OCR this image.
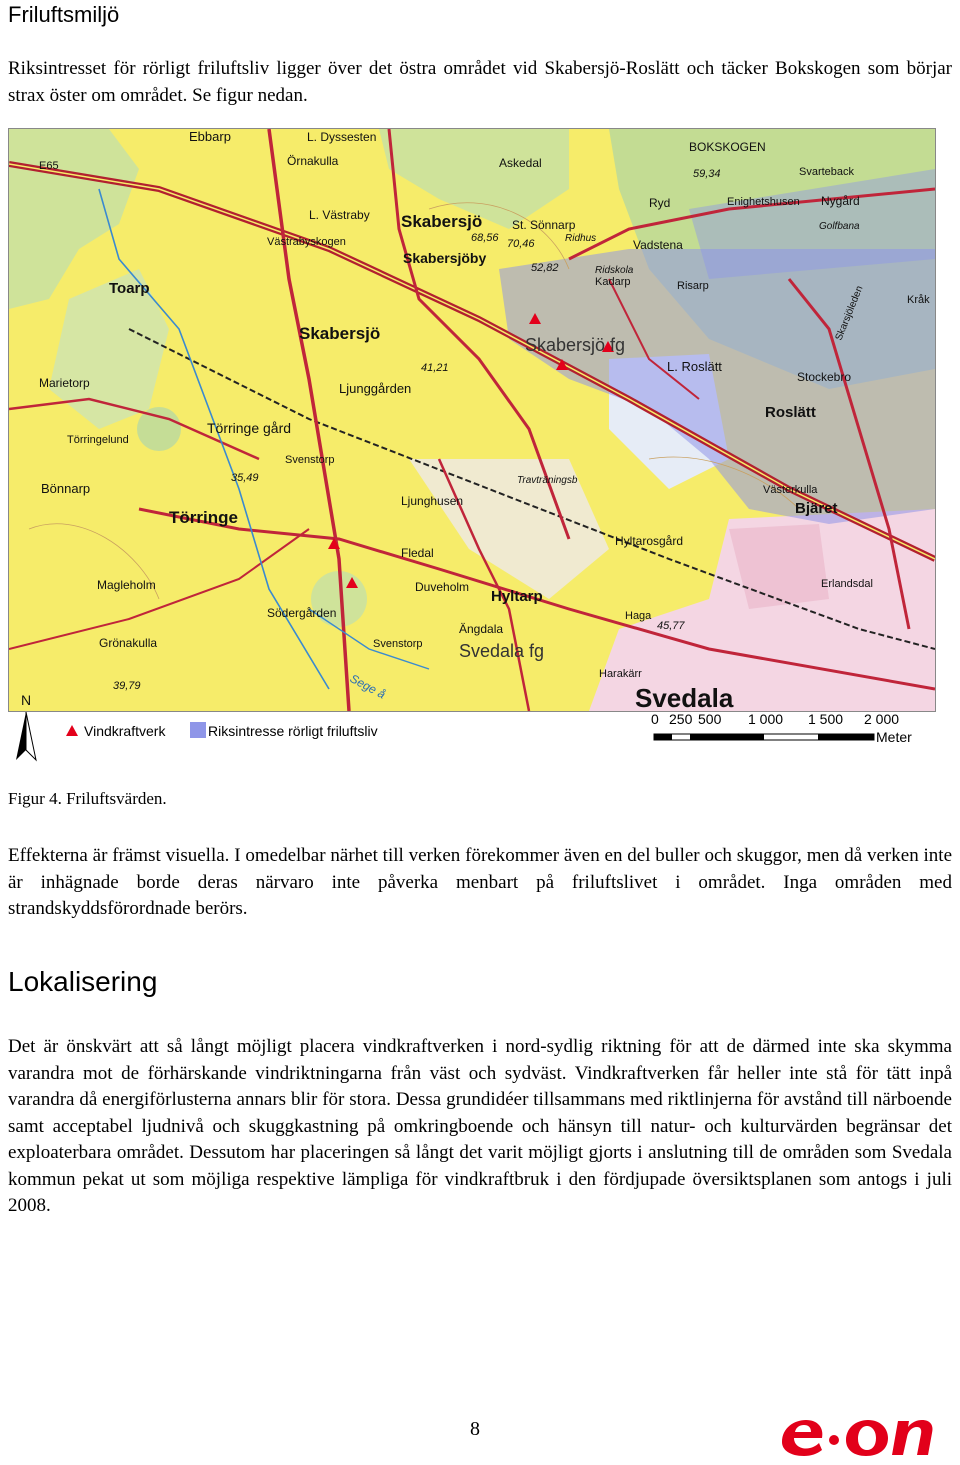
Friluftsmiljö

Riksintresset för rörligt friluftsliv ligger över det östra området vid Skabersjö-Roslätt och täcker Bokskogen som börjar strax öster om området. Se figur nedan.

Ebbarp	L. Dyssesten
E65	Örnakulla	Askedal
BOKSKOGEN
Svarteback
59,34
L. Västraby Skabersjö St. Sönnarp
Ryd	Enighetshusen Nygård
Golfbana
Västrabyskogen	68,56 70,46	Ridhus	Vadstena
Skabersjöby
52,82	Ridskola
Kadarp	Risarp
Toarp
Skabersjö
Skabersjö fg
L. Roslätt
Stockebro
Kråk
Skarsjöleden
Marietorp
41,21
Ljunggården
Roslätt
Törringelund
Törringe gård
Svenstorp
Travträningsb
Västerkulla
Bjäret
Bönnarp
35,49
Ljunghusen
Törringe
Hyltarosgård
Fledal
Erlandsdal
Magleholm	Duveholm
Hyltarp
Haga
45,77
Södergården
Ängdala
Svenstorp Svedala fg
Grönakulla
Sege å	Harakärr
39,79	Svedala
N
Vindkraftverk	Riksintresse rörligt friluftsliv
0 250 500 1 000 1 500 2 000
Meter

Figur 4. Friluftsvärden.

Effekterna är främst visuella. I omedelbar närhet till verken förekommer även en del buller och skuggor, men då verken inte är inhägnade borde deras närvaro inte påverka menbart på friluftslivet i området. Inga områden med strandskyddsförordnade berörs.

Lokalisering

Det är önskvärt att så långt möjligt placera vindkraftverken i nord-sydlig riktning för att de därmed inte ska skymma varandra mot de förhärskande vindriktningarna från väst och sydväst. Vindkraftverken får heller inte stå för tätt inpå varandra då energiförlusterna annars blir för stora. Dessa grundidéer tillsammans med riktlinjerna för avstånd till närboende samt acceptabel ljudnivå och skuggkastning på omkringboende och hänsyn till natur- och kulturvärden begränsar det exploaterbara området. Dessutom har placeringen så långt det varit möjligt gjorts i anslutning till de områden som Svedala kommun pekat ut som möjliga respektive lämpliga för vindkraftbruk i den fördjupade översiktsplanen som antogs i juli 2008.

8
